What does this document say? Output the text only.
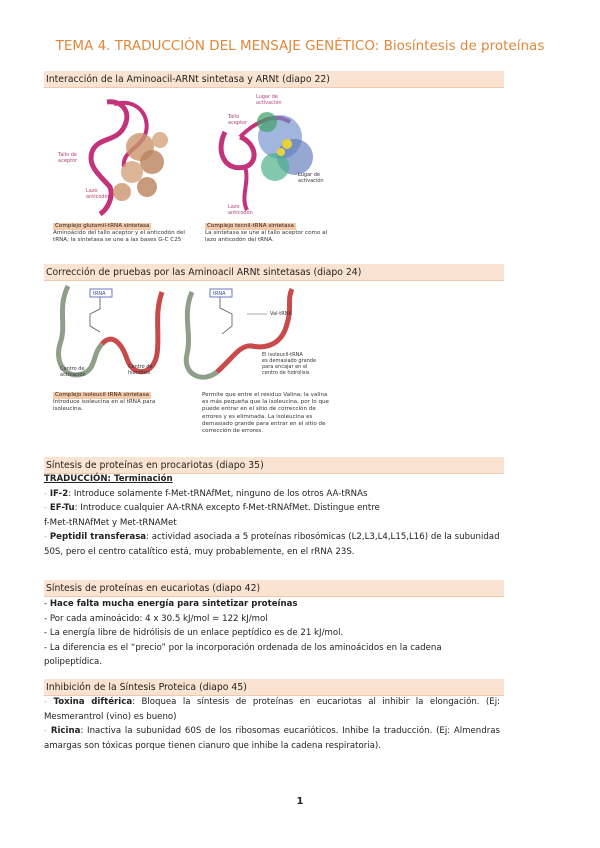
TEMA 4. TRADUCCIÓN DEL MENSAJE GENÉTICO: Biosíntesis de proteínas
Interacción de la Aminoacil-ARNt sintetasa y ARNt (diapo 22)
Tallo de
aceptor
Lazo
anticodón
Lugar de
activación
Tallo
aceptor
Lugar de
activación
Lazo
anticodón
Complejo glutamil-tRNA sintetasa
Aminoácido del tallo aceptor y el anticodón del tRNA; la sintetasa se une a las bases G-C C25
Complejo tecnil-tRNA sintetasa
La sintetasa se une al tallo aceptor como al lazo anticodón del tRNA.
Corrección de pruebas por las Aminoacil ARNt sintetasas (diapo 24)
tRNA
Centro de
activación
Centro de
hidrólisis
tRNA
Val-tRNA
El isoleucil-tRNA
es demasiado grande
para encajar en el
centro de hidrólisis
Complejo isoleucil tRNA sintetasa
Introduce isoleucina en el tRNA para isoleucina.
Permite que entre el residuo Valina; la valina es más pequeña que la isoleucina, por lo que puede entrar en el sitio de corrección de errores y es eliminada. La isoleucina es demasiado grande para entrar en el sitio de corrección de errores.
Síntesis de proteínas en procariotas (diapo 35)

TRADUCCIÓN: Terminación

- IF-2: Introduce solamente f-Met-tRNAfMet, ninguno de los otros AA-tRNAs

- EF-Tu: Introduce cualquier AA-tRNA excepto f-Met-tRNAfMet. Distingue entre

f-Met-tRNAfMet y Met-tRNAMet

- Peptidil transferasa: actividad asociada a 5 proteínas ribosómicas (L2,L3,L4,L15,L16) de la subunidad 50S, pero el centro catalítico está, muy probablemente, en el rRNA 23S.

Síntesis de proteínas en eucariotas (diapo 42)

- Hace falta mucha energía para sintetizar proteínas

- Por cada aminoácido: 4 x 30.5 kJ/mol = 122 kJ/mol

- La energía libre de hidrólisis de un enlace peptídico es de 21 kJ/mol.

- La diferencia es el “precio” por la incorporación ordenada de los aminoácidos en la cadena polipeptídica.

Inhibición de la Síntesis Proteica (diapo 45)

- Toxina diftérica: Bloquea la síntesis de proteínas en eucariotas al inhibir la elongación. (Ej: Mesmerantrol (vino) es bueno)

- Ricina: Inactiva la subunidad 60S de los ribosomas eucarióticos. Inhibe la traducción. (Ej: Almendras amargas son tóxicas porque tienen cianuro que inhibe la cadena respiratoria).

1
